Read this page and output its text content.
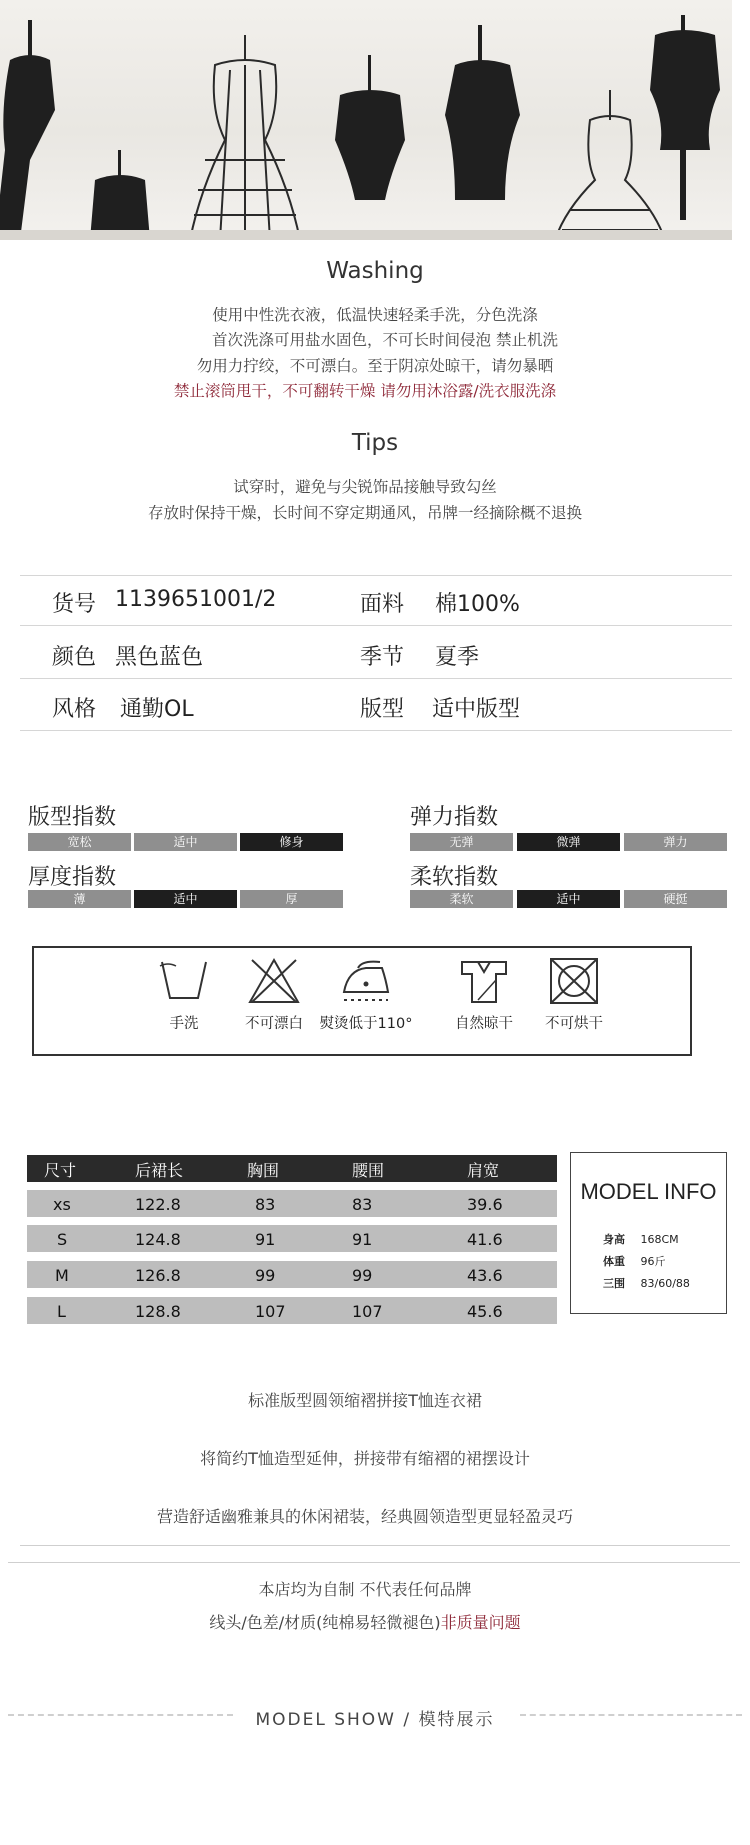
Washing
使用中性洗衣液，低温快速轻柔手洗，分色洗涤
首次洗涤可用盐水固色，不可长时间侵泡 禁止机洗
勿用力拧绞，不可漂白。至于阴凉处晾干，请勿暴晒
禁止滚筒甩干，不可翻转干燥 请勿用沐浴露/洗衣服洗涤
Tips
试穿时，避免与尖锐饰品接触导致勾丝
存放时保持干燥，长时间不穿定期通风，吊牌一经摘除概不退换
货号 1139651001/2	面料 棉100%
颜色 黑色蓝色	季节 夏季
风格 通勤OL	版型 适中版型
版型指数
宽松	适中	修身
弹力指数
无弹	微弹	弹力
厚度指数
薄	适中	厚
柔软指数
柔软	适中	硬挺
手洗	不可漂白	熨烫低于110°	自然晾干	不可烘干
尺寸	后裙长	胸围	腰围	肩宽
xs	122.8	83	83	39.6
S	124.8	91	91	41.6
M	126.8	99	99	43.6
L	128.8	107	107	45.6
MODEL INFO
身高 168CM
体重 96斤
三围 83/60/88
标准版型圆领缩褶拼接T恤连衣裙
将简约T恤造型延伸，拼接带有缩褶的裙摆设计
营造舒适幽雅兼具的休闲裙装，经典圆领造型更显轻盈灵巧
本店均为自制 不代表任何品牌
线头/色差/材质(纯棉易轻微褪色)非质量问题
MODEL SHOW / 模特展示
